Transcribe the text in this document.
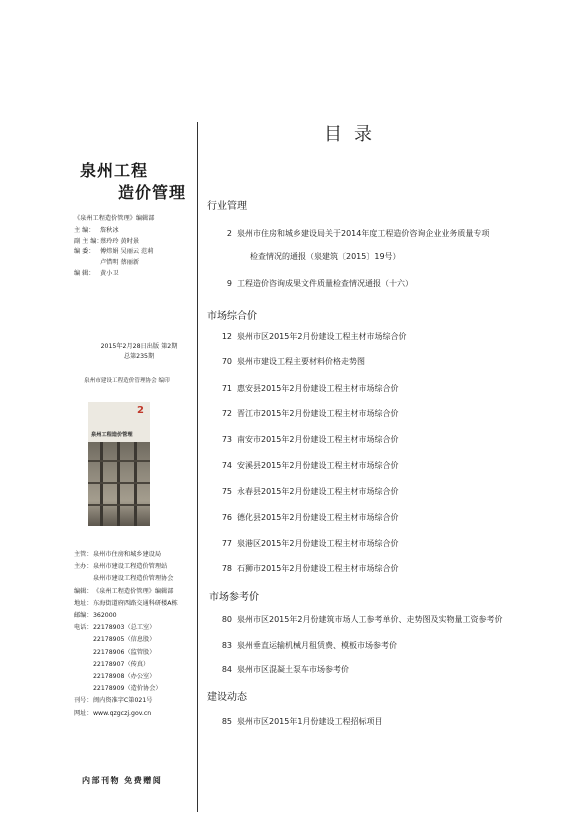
泉州工程
造价管理
《泉州工程造价管理》编辑部
主 编： 詹秋冰
副 主 编：
蔡玲玲 黄时景
编 委： 傅炜娟 吴丽云 范莉
卢惜明 蔡丽新
编 辑： 黄小卫
2015年2月28日出版 第2期
总第235期
泉州市建设工程造价管理协会 编印
2
泉州工程造价管理
主管： 泉州市住房和城乡建设局
主办： 泉州市建设工程造价管理站
泉州市建设工程造价管理协会
编辑： 《泉州工程造价管理》编辑部
地址： 东海街道府西路交通科研楼A栋
邮编： 362000
电话： 22178903（总工室）
22178905（信息股）
22178906（监管股）
22178907（传真）
22178908（办公室）
22178909（造价协会）
刊号： 闽内资准字C第021号
网址： www.qzgczj.gov.cn
内部刊物 免费赠阅
目录
行业管理
2 泉州市住房和城乡建设局关于2014年度工程造价咨询企业业务质量专项
检查情况的通报（泉建筑〔2015〕19号）
9 工程造价咨询成果文件质量检查情况通报（十六）
市场综合价
12 泉州市区2015年2月份建设工程主材市场综合价
70 泉州市建设工程主要材料价格走势图
71 惠安县2015年2月份建设工程主材市场综合价
72 晋江市2015年2月份建设工程主材市场综合价
73 南安市2015年2月份建设工程主材市场综合价
74 安溪县2015年2月份建设工程主材市场综合价
75 永春县2015年2月份建设工程主材市场综合价
76 德化县2015年2月份建设工程主材市场综合价
77 泉港区2015年2月份建设工程主材市场综合价
78 石狮市2015年2月份建设工程主材市场综合价
市场参考价
80 泉州市区2015年2月份建筑市场人工参考单价、走势图及实物量工资参考价
83 泉州垂直运输机械月租赁费、模板市场参考价
84 泉州市区混凝土泵车市场参考价
建设动态
85 泉州市区2015年1月份建设工程招标项目
